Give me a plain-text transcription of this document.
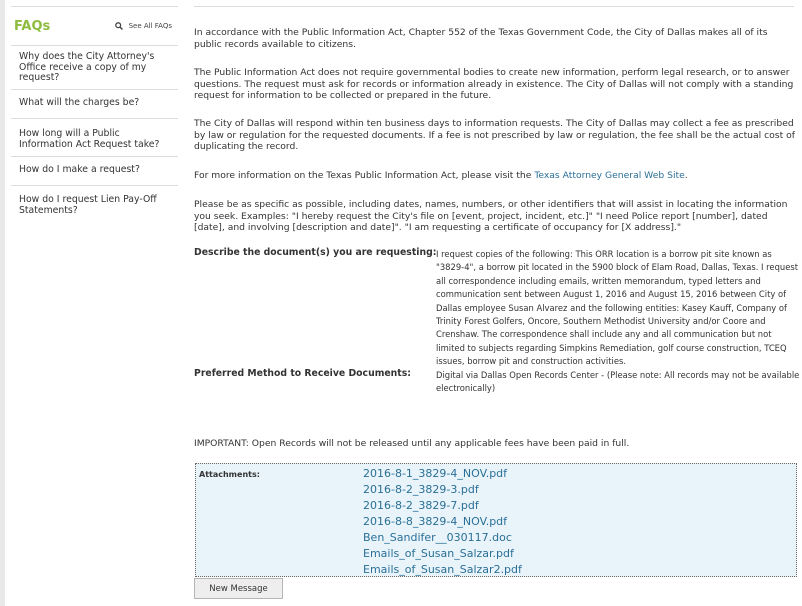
FAQs	See All FAQs
Why does the City Attorney's Office receive a copy of my request?
What will the charges be?
How long will a Public Information Act Request take?
How do I make a request?
How do I request Lien Pay-Off Statements?

In accordance with the Public Information Act, Chapter 552 of the Texas Government Code, the City of Dallas makes all of its public records available to citizens.

The Public Information Act does not require governmental bodies to create new information, perform legal research, or to answer questions. The request must ask for records or information already in existence. The City of Dallas will not comply with a standing request for information to be collected or prepared in the future.

The City of Dallas will respond within ten business days to information requests. The City of Dallas may collect a fee as prescribed by law or regulation for the requested documents. If a fee is not prescribed by law or regulation, the fee shall be the actual cost of duplicating the record.

For more information on the Texas Public Information Act, please visit the Texas Attorney General Web Site.

Please be as specific as possible, including dates, names, numbers, or other identifiers that will assist in locating the information you seek. Examples: "I hereby request the City's file on [event, project, incident, etc.]" "I need Police report [number], dated [date], and involving [description and date]". "I am requesting a certificate of occupancy for [X address]."

Describe the document(s) you are requesting: I request copies of the following: This ORR location is a borrow pit site known as "3829-4", a borrow pit located in the 5900 block of Elam Road, Dallas, Texas. I request all correspondence including emails, written memorandum, typed letters and communication sent between August 1, 2016 and August 15, 2016 between City of Dallas employee Susan Alvarez and the following entities: Kasey Kauff, Company of Trinity Forest Golfers, Oncore, Southern Methodist University and/or Coore and Crenshaw. The correspondence shall include any and all communication but not limited to subjects regarding Simpkins Remediation, golf course construction, TCEQ issues, borrow pit and construction activities.
Preferred Method to Receive Documents:	Digital via Dallas Open Records Center - (Please note: All records may not be available electronically)

IMPORTANT: Open Records will not be released until any applicable fees have been paid in full.

Attachments:	2016-8-1_3829-4_NOV.pdf
2016-8-2_3829-3.pdf
2016-8-2_3829-7.pdf
2016-8-8_3829-4_NOV.pdf
Ben_Sandifer__030117.doc
Emails_of_Susan_Salzar.pdf
Emails_of_Susan_Salzar2.pdf
New Message
